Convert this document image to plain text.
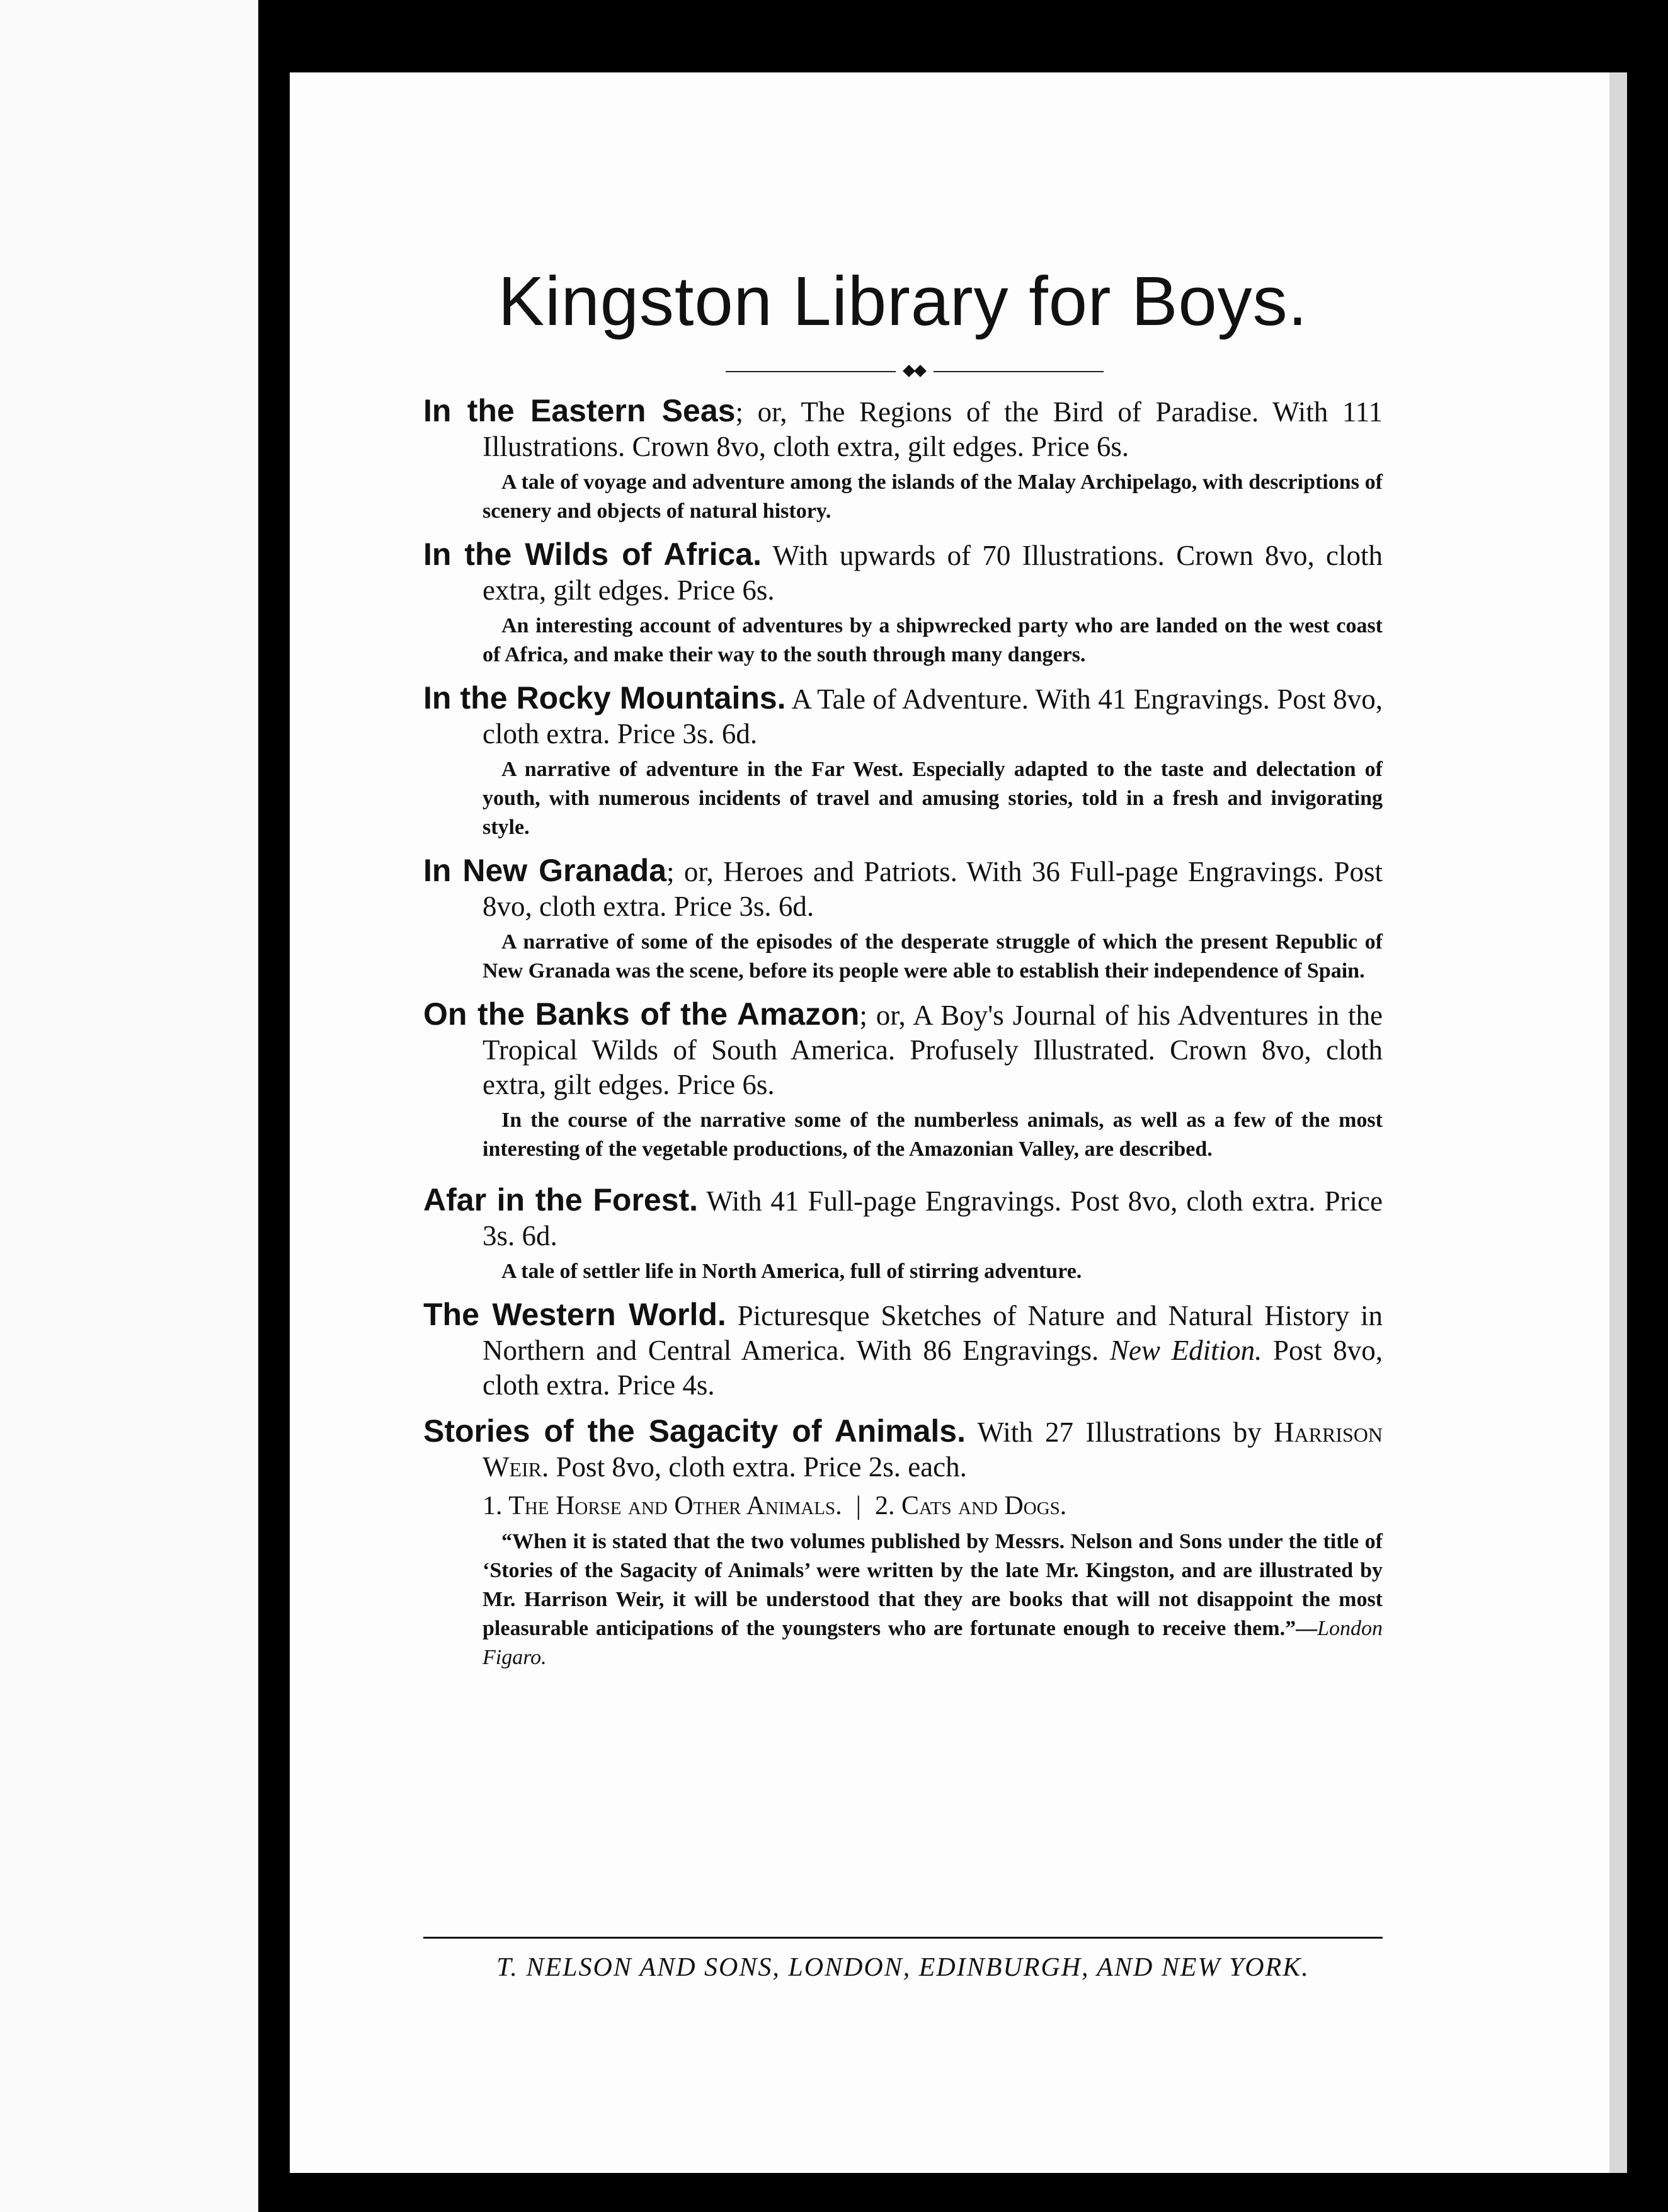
Kingston Library for Boys.

In the Eastern Seas; or, The Regions of the Bird of Paradise. With 111 Illustrations. Crown 8vo, cloth extra, gilt edges. Price 6s.

A tale of voyage and adventure among the islands of the Malay Archipelago, with descriptions of scenery and objects of natural history.

In the Wilds of Africa. With upwards of 70 Illustrations. Crown 8vo, cloth extra, gilt edges. Price 6s.

An interesting account of adventures by a shipwrecked party who are landed on the west coast of Africa, and make their way to the south through many dangers.

In the Rocky Mountains. A Tale of Adventure. With 41 Engravings. Post 8vo, cloth extra. Price 3s. 6d.

A narrative of adventure in the Far West. Especially adapted to the taste and delectation of youth, with numerous incidents of travel and amusing stories, told in a fresh and invigorating style.

In New Granada; or, Heroes and Patriots. With 36 Full-page Engravings. Post 8vo, cloth extra. Price 3s. 6d.

A narrative of some of the episodes of the desperate struggle of which the present Republic of New Granada was the scene, before its people were able to establish their independence of Spain.

On the Banks of the Amazon; or, A Boy's Journal of his Adventures in the Tropical Wilds of South America. Profusely Illustrated. Crown 8vo, cloth extra, gilt edges. Price 6s.

In the course of the narrative some of the numberless animals, as well as a few of the most interesting of the vegetable productions, of the Amazonian Valley, are described.

Afar in the Forest. With 41 Full-page Engravings. Post 8vo, cloth extra. Price 3s. 6d.

A tale of settler life in North America, full of stirring adventure.

The Western World. Picturesque Sketches of Nature and Natural History in Northern and Central America. With 86 Engravings. New Edition. Post 8vo, cloth extra. Price 4s.

Stories of the Sagacity of Animals. With 27 Illustrations by Harrison Weir. Post 8vo, cloth extra. Price 2s. each.

1. The Horse and Other Animals. | 2. Cats and Dogs.

“When it is stated that the two volumes published by Messrs. Nelson and Sons under the title of ‘Stories of the Sagacity of Animals’ were written by the late Mr. Kingston, and are illustrated by Mr. Harrison Weir, it will be understood that they are books that will not disappoint the most pleasurable anticipations of the youngsters who are fortunate enough to receive them.”—London Figaro.

T. NELSON AND SONS, LONDON, EDINBURGH, AND NEW YORK.
